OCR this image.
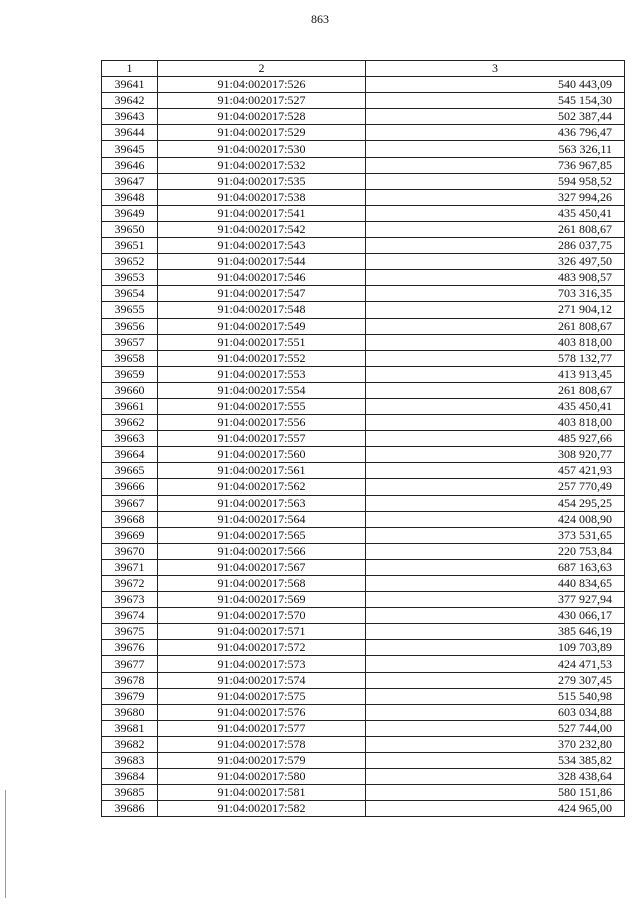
863
1	2	3
39641	91:04:002017:526	540 443,09
39642	91:04:002017:527	545 154,30
39643	91:04:002017:528	502 387,44
39644	91:04:002017:529	436 796,47
39645	91:04:002017:530	563 326,11
39646	91:04:002017:532	736 967,85
39647	91:04:002017:535	594 958,52
39648	91:04:002017:538	327 994,26
39649	91:04:002017:541	435 450,41
39650	91:04:002017:542	261 808,67
39651	91:04:002017:543	286 037,75
39652	91:04:002017:544	326 497,50
39653	91:04:002017:546	483 908,57
39654	91:04:002017:547	703 316,35
39655	91:04:002017:548	271 904,12
39656	91:04:002017:549	261 808,67
39657	91:04:002017:551	403 818,00
39658	91:04:002017:552	578 132,77
39659	91:04:002017:553	413 913,45
39660	91:04:002017:554	261 808,67
39661	91:04:002017:555	435 450,41
39662	91:04:002017:556	403 818,00
39663	91:04:002017:557	485 927,66
39664	91:04:002017:560	308 920,77
39665	91:04:002017:561	457 421,93
39666	91:04:002017:562	257 770,49
39667	91:04:002017:563	454 295,25
39668	91:04:002017:564	424 008,90
39669	91:04:002017:565	373 531,65
39670	91:04:002017:566	220 753,84
39671	91:04:002017:567	687 163,63
39672	91:04:002017:568	440 834,65
39673	91:04:002017:569	377 927,94
39674	91:04:002017:570	430 066,17
39675	91:04:002017:571	385 646,19
39676	91:04:002017:572	109 703,89
39677	91:04:002017:573	424 471,53
39678	91:04:002017:574	279 307,45
39679	91:04:002017:575	515 540,98
39680	91:04:002017:576	603 034,88
39681	91:04:002017:577	527 744,00
39682	91:04:002017:578	370 232,80
39683	91:04:002017:579	534 385,82
39684	91:04:002017:580	328 438,64
39685	91:04:002017:581	580 151,86
39686	91:04:002017:582	424 965,00
